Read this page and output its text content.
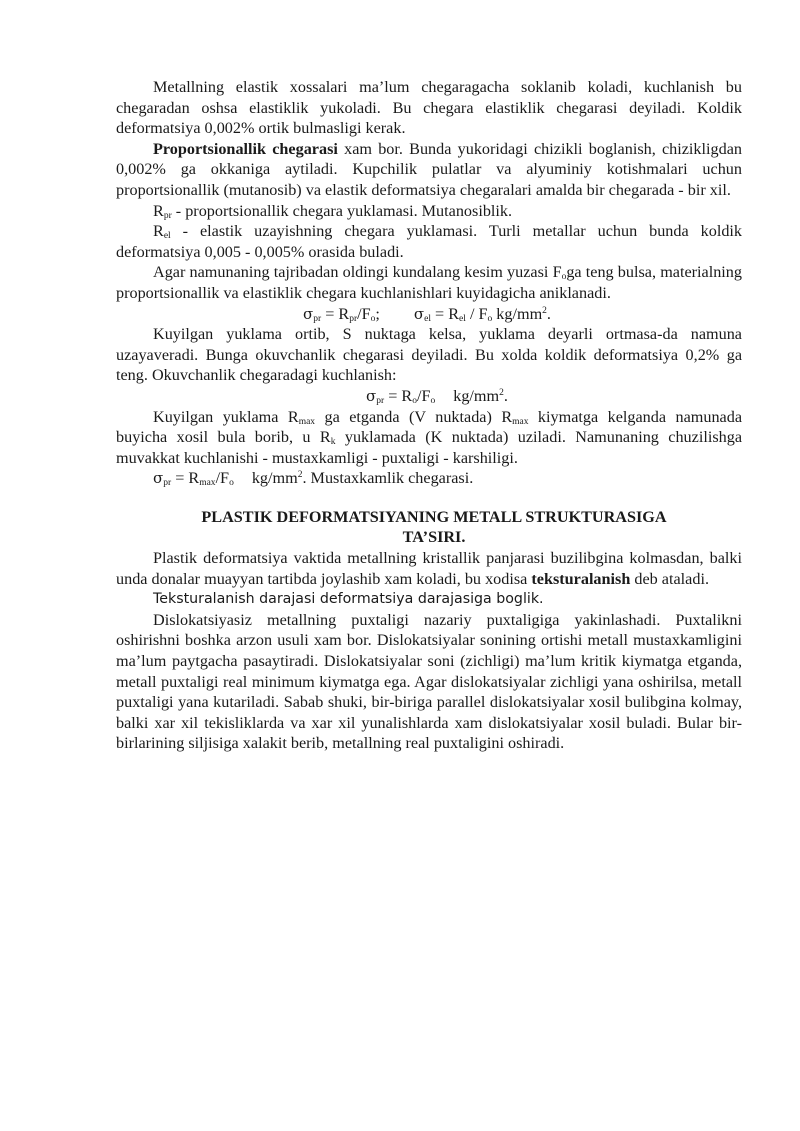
Metallning elastik xossalari ma’lum chegaragacha soklanib koladi, kuchlanish bu chegaradan oshsa elastiklik yukoladi. Bu chegara elastiklik chegarasi deyiladi. Koldik deformatsiya 0,002% ortik bulmasligi kerak.

Proportsionallik chegarasi xam bor. Bunda yukoridagi chizikli boglanish, chizikligdan 0,002% ga okkaniga aytiladi. Kupchilik pulatlar va alyuminiy kotishmalari uchun proportsionallik (mutanosib) va elastik deformatsiya chegaralari amalda bir chegarada - bir xil.

$R_{pr}$ - proportsionallik chegara yuklamasi. Mutanosiblik.

$R_{el}$ - elastik uzayishning chegara yuklamasi. Turli metallar uchun bunda koldik deformatsiya 0,005 - 0,005% orasida buladi.

Agar namunaning tajribadan oldingi kundalang kesim yuzasi $F_oga$ teng bulsa, materialning proportsionallik va elastiklik chegara kuchlanishlari kuyidagicha aniklanadi.

$\sigma_{pr} = R_{pr}/F_o$; $\sigma_{el} = R_{el} / F_o$ $kg/mm^2$.

Kuyilgan yuklama ortib, S nuktaga kelsa, yuklama deyarli ortmasa-da namuna uzayaveradi. Bunga okuvchanlik chegarasi deyiladi. Bu xolda koldik deformatsiya 0,2% ga teng. Okuvchanlik chegaradagi kuchlanish:

$\sigma_{pr} = R_o/F_o$ $kg/mm^2$.

Kuyilgan yuklama $R_{max}$ ga etganda (V nuktada) $R_{max}$ kiymatga kelganda namunada buyicha xosil bula borib, u $R_k$ yuklamada (K nuktada) uziladi. Namunaning chuzilishga muvakkat kuchlanishi - mustaxkamligi - puxtaligi - karshiligi.

$\sigma_{pr} = R_{max}/F_o$ $kg/mm^2$. Mustaxkamlik chegarasi.

PLASTIK DEFORMATSIYANING METALL STRUKTURASIGA
TA’SIRI.

Plastik deformatsiya vaktida metallning kristallik panjarasi buzilibgina kolmasdan, balki unda donalar muayyan tartibda joylashib xam koladi, bu xodisa teksturalanish deb ataladi.

Teksturalanish darajasi deformatsiya darajasiga boglik.

Dislokatsiyasiz metallning puxtaligi nazariy puxtaligiga yakinlashadi. Puxtalikni oshirishni boshka arzon usuli xam bor. Dislokatsiyalar sonining ortishi metall mustaxkamligini ma’lum paytgacha pasaytiradi. Dislokatsiyalar soni (zichligi) ma’lum kritik kiymatga etganda, metall puxtaligi real minimum kiymatga ega. Agar dislokatsiyalar zichligi yana oshirilsa, metall puxtaligi yana kutariladi. Sabab shuki, bir-biriga parallel dislokatsiyalar xosil bulibgina kolmay, balki xar xil tekisliklarda va xar xil yunalishlarda xam dislokatsiyalar xosil buladi. Bular bir-birlarining siljisiga xalakit berib, metallning real puxtaligini oshiradi.
